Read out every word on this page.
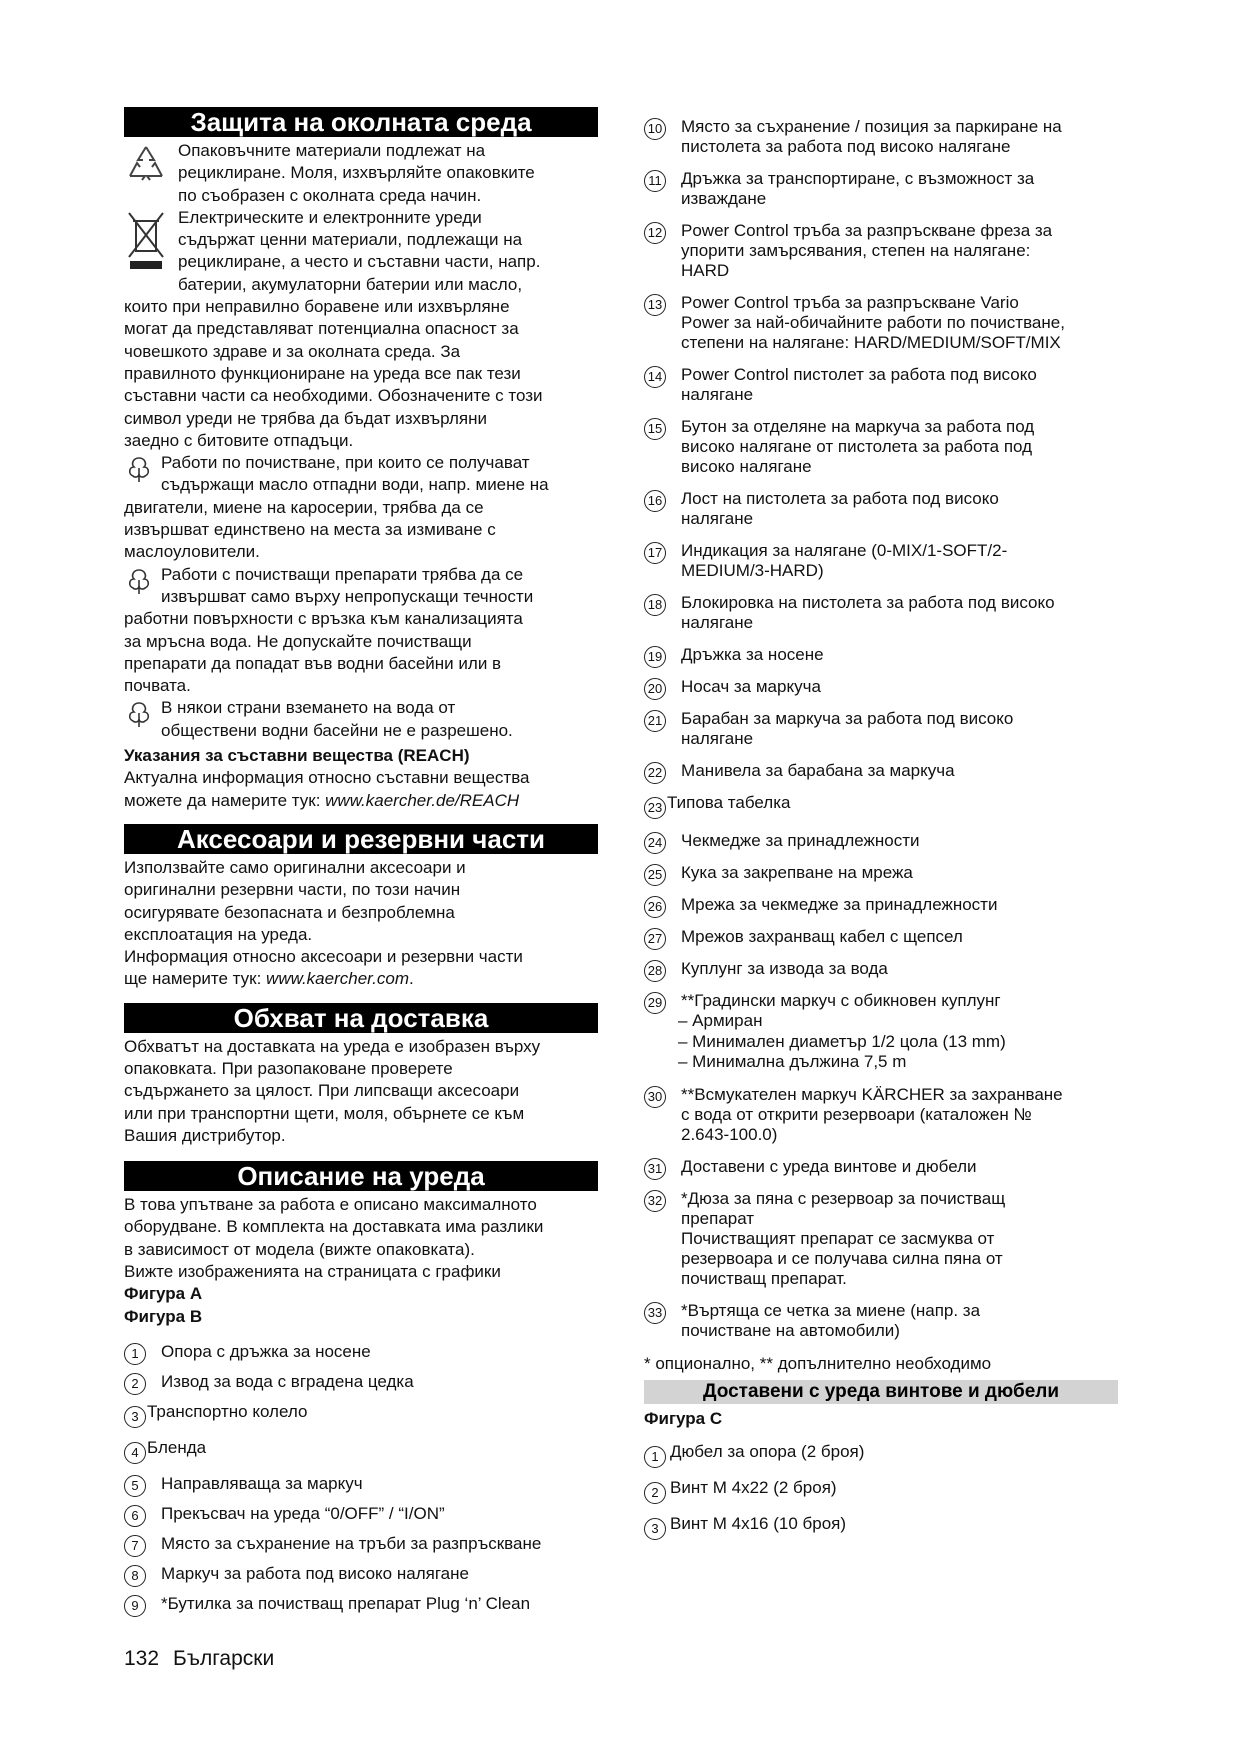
Защита на околната среда
Опаковъчните материали подлежат на
рециклиране. Моля, изхвърляйте опаковките
по съобразен с околната среда начин.
Електрическите и електронните уреди
съдържат ценни материали, подлежащи на
рециклиране, а често и съставни части, напр.
батерии, акумулаторни батерии или масло,
които при неправилно боравене или изхвърляне
могат да представляват потенциална опасност за
човешкото здраве и за околната среда. За
правилното функциониране на уреда все пак тези
съставни части са необходими. Обозначените с този
символ уреди не трябва да бъдат изхвърляни
заедно с битовите отпадъци.
Работи по почистване, при които се получават
съдържащи масло отпадни води, напр. миене на
двигатели, миене на каросерии, трябва да се
извършват единствено на места за измиване с
маслоуловители.
Работи с почистващи препарати трябва да се
извършват само върху непропускащи течности
работни повърхности с връзка към канализацията
за мръсна вода. Не допускайте почистващи
препарати да попадат във водни басейни или в
почвата.
В някои страни вземането на вода от
обществени водни басейни не е разрешено.
Указания за съставни вещества (REACH)
Актуална информация относно съставни вещества
можете да намерите тук: www.kaercher.de/REACH
Аксесоари и резервни части
Използвайте само оригинални аксесоари и
оригинални резервни части, по този начин
осигурявате безопасната и безпроблемна
експлоатация на уреда.
Информация относно аксесоари и резервни части
ще намерите тук: www.kaercher.com.
Обхват на доставка
Обхватът на доставката на уреда е изобразен върху
опаковката. При разопаковане проверете
съдържането за цялост. При липсващи аксесоари
или при транспортни щети, моля, обърнете се към
Вашия дистрибутор.
Описание на уреда
В това упътване за работа е описано максималното
оборудване. В комплекта на доставката има разлики
в зависимост от модела (вижте опаковката).
Вижте изображенията на страницата с графики
Фигура A
Фигура B
1	Опора с дръжка за носене
2	Извод за вода с вградена цедка
3 Транспортно колело
4 Бленда
5	Направляваща за маркуч
6	Прекъсвач на уреда “0/OFF” / “I/ON”
7	Място за съхранение на тръби за разпръскване
8	Маркуч за работа под високо налягане
9	*Бутилка за почистващ препарат Plug ‘n’ Clean
10 Място за съхранение / позиция за паркиране на
пистолета за работа под високо налягане
11 Дръжка за транспортиране, с възможност за
изваждане
12 Power Control тръба за разпръскване фреза за
упорити замърсявания, степен на налягане:
HARD
13 Power Control тръба за разпръскване Vario
Power за най-обичайните работи по почистване,
степени на налягане: HARD/MEDIUM/SOFT/MIX
14 Power Control пистолет за работа под високо
налягане
15 Бутон за отделяне на маркуча за работа под
високо налягане от пистолета за работа под
високо налягане
16 Лост на пистолета за работа под високо
налягане
17 Индикация за налягане (0-MIX/1-SOFT/2-
MEDIUM/3-HARD)
18 Блокировка на пистолета за работа под високо
налягане
19 Дръжка за носене
20 Носач за маркуча
21 Барабан за маркуча за работа под високо
налягане
22 Манивела за барабана за маркуча
23 Типова табелка
24 Чекмедже за принадлежности
25 Кука за закрепване на мрежа
26 Мрежа за чекмедже за принадлежности
27 Мрежов захранващ кабел с щепсел
28 Куплунг за извода за вода
29 **Градински маркуч с обикновен куплунг
– Армиран
– Минимален диаметър 1/2 цола (13 mm)
– Минимална дължина 7,5 m
30 **Всмукателен маркуч KÄRCHER за захранване
с вода от открити резервоари (каталожен №
2.643-100.0)
31 Доставени с уреда винтове и дюбели
32 *Дюза за пяна с резервоар за почистващ
препарат
Почистващият препарат се засмуква от
резервоара и се получава силна пяна от
почистващ препарат.
33 *Въртяща се четка за миене (напр. за
почистване на автомобили)
* опционално, ** допълнително необходимо
Доставени с уреда винтове и дюбели
Фигура C
1 Дюбел за опора (2 броя)
2 Винт M 4x22 (2 броя)
3 Винт M 4x16 (10 броя)
132 Български
